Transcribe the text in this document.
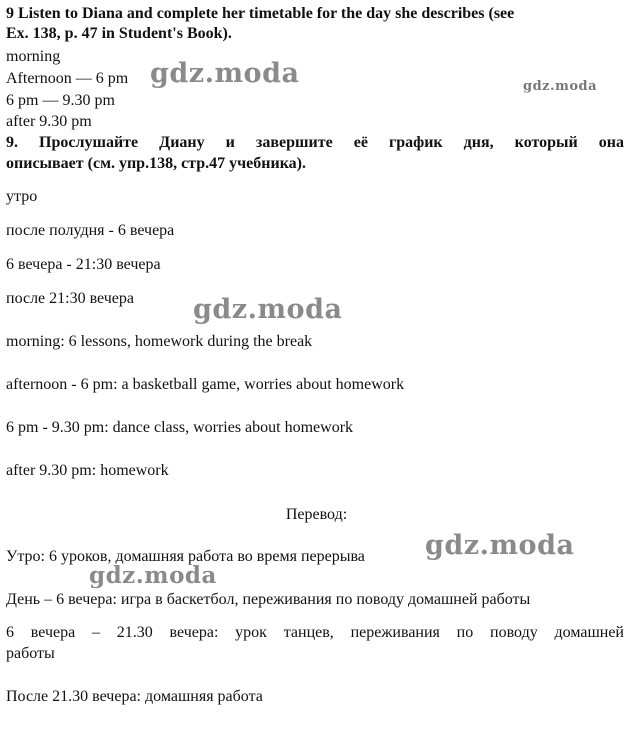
9 Listen to Diana and complete her timetable for the day she describes (see
Ex. 138, p. 47 in Student's Book).
morning
Afternoon — 6 pm
6 pm — 9.30 pm
after 9.30 pm
9. Прослушайте Диану и завершите её график дня, который она
описывает (см. упр.138, стр.47 учебника).
утро
после полудня - 6 вечера
6 вечера - 21:30 вечера
после 21:30 вечера
morning: 6 lessons, homework during the break
afternoon - 6 pm: a basketball game, worries about homework
6 pm - 9.30 pm: dance class, worries about homework
after 9.30 pm: homework
Перевод:
Утро: 6 уроков, домашняя работа во время перерыва
День – 6 вечера: игра в баскетбол, переживания по поводу домашней работы
6 вечера – 21.30 вечера: урок танцев, переживания по поводу домашней
работы
После 21.30 вечера: домашняя работа
gdz.moda	gdz.moda
gdz.moda
gdz.moda
gdz.moda
